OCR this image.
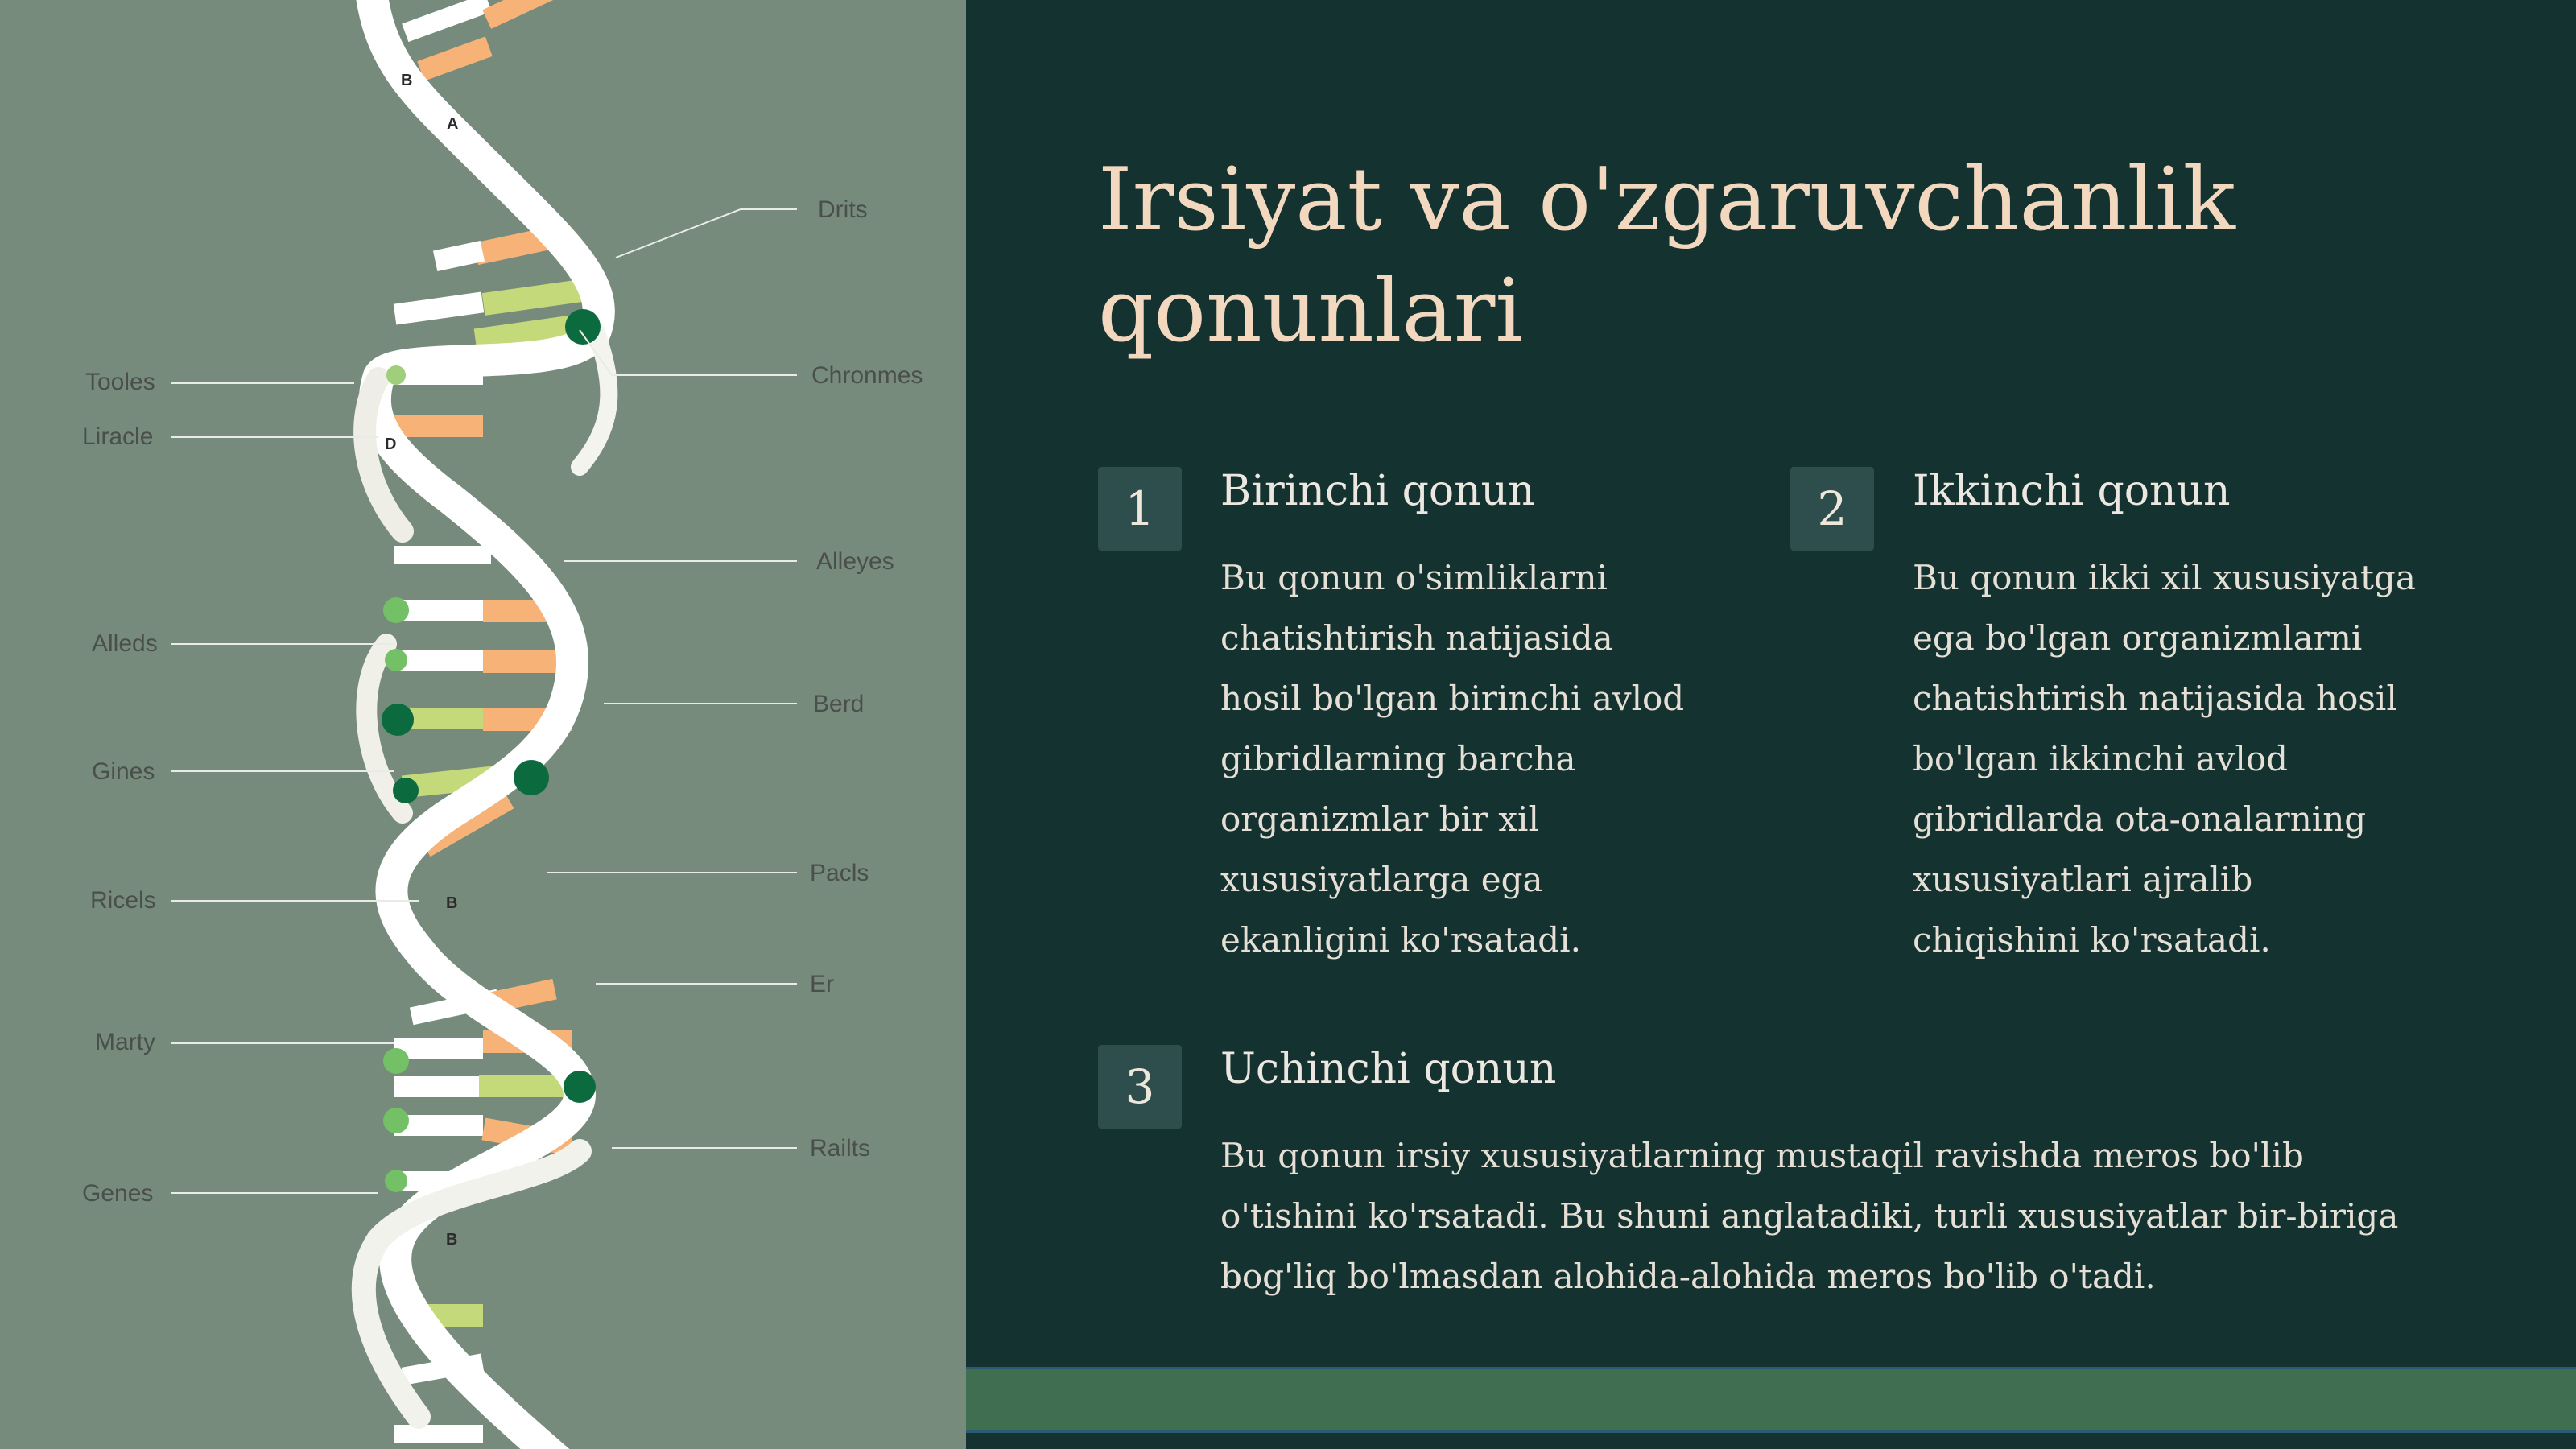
Drits
Chronmes
Alleyes
Berd
Pacls
Er
Railts
Tooles
Liracle
Alleds
Gines
Ricels
Marty
Genes
B
A
D
B
B
Irsiyat va o'zgaruvchanlik qonunlari
1	Birinchi qonun

Bu qonun o'simliklarni chatishtirish natijasida hosil bo'lgan birinchi avlod gibridlarning barcha organizmlar bir xil xususiyatlarga ega ekanligini ko'rsatadi.

2	Ikkinchi qonun

Bu qonun ikki xil xususiyatga ega bo'lgan organizmlarni chatishtirish natijasida hosil bo'lgan ikkinchi avlod gibridlarda ota-onalarning xususiyatlari ajralib chiqishini ko'rsatadi.

3	Uchinchi qonun

Bu qonun irsiy xususiyatlarning mustaqil ravishda meros bo'lib o'tishini ko'rsatadi. Bu shuni anglatadiki, turli xususiyatlar bir-biriga bog'liq bo'lmasdan alohida-alohida meros bo'lib o'tadi.
